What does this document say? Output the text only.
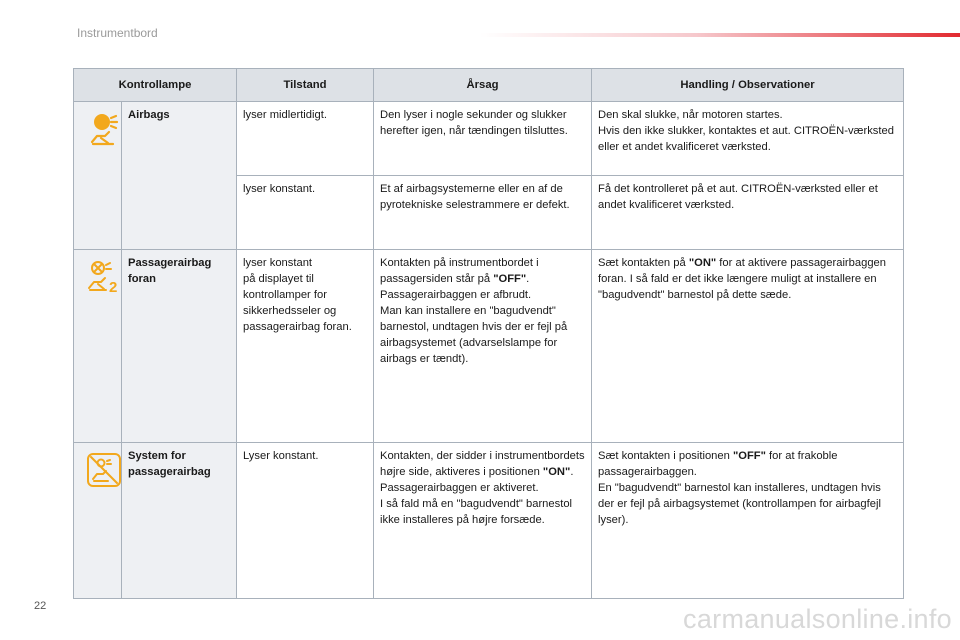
Instrumentbord
Kontrollampe		Tilstand	Årsag	Handling / Observationer

	Airbags	lyser midlertidigt.	Den lyser i nogle sekunder og slukker herefter igen, når tændingen tilsluttes.	Den skal slukke, når motoren startes.
Hvis den ikke slukker, kontaktes et aut. CITROËN-værksted eller et andet kvalificeret værksted.
		lyser konstant.	Et af airbagsystemerne eller en af de pyrotekniske selestrammere er defekt.	Få det kontrolleret på et aut. CITROËN-værksted eller et andet kvalificeret værksted.

2	Passagerairbag foran	lyser konstant
på displayet til kontrollamper for sikkerhedsseler og passagerairbag foran.	Kontakten på instrumentbordet i passagersiden står på "OFF".
Passagerairbaggen er afbrudt.
Man kan installere en "bagudvendt" barnestol, undtagen hvis der er fejl på airbagsystemet (advarselslampe for airbags er tændt).	Sæt kontakten på "ON" for at aktivere passagerairbaggen foran. I så fald er det ikke længere muligt at installere en "bagudvendt" barnestol på dette sæde.

	System for passagerairbag	Lyser konstant.	Kontakten, der sidder i instrumentbordets højre side, aktiveres i positionen "ON".
Passagerairbaggen er aktiveret.
I så fald må en "bagudvendt" barnestol ikke installeres på højre forsæde.	Sæt kontakten i positionen "OFF" for at frakoble passagerairbaggen.
En "bagudvendt" barnestol kan installeres, undtagen hvis der er fejl på airbagsystemet (kontrollampen for airbagfejl lyser).
22	carmanualsonline.info
